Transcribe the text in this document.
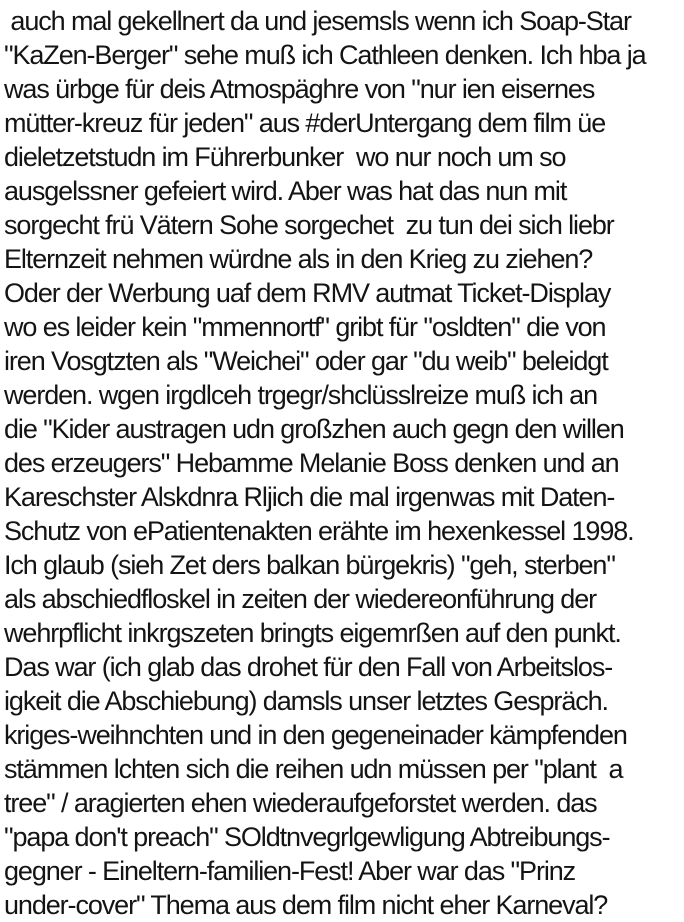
auch mal gekellnert da und jesemsls wenn ich Soap-Star
"KaZen-Berger" sehe muß ich Cathleen denken. Ich hba ja
was ürbge für deis Atmospäghre von "nur ien eisernes
mütter-kreuz für jeden" aus #derUntergang dem film üe
dieletzetstudn im Führerbunker  wo nur noch um so
ausgelssner gefeiert wird. Aber was hat das nun mit
sorgecht frü Vätern Sohe sorgechet  zu tun dei sich liebr
Elternzeit nehmen würdne als in den Krieg zu ziehen?
Oder der Werbung uaf dem RMV autmat Ticket-Display
wo es leider kein "mmennortf" gribt für "osldten" die von
iren Vosgtzten als "Weichei" oder gar "du weib" beleidgt
werden. wgen irgdlceh trgegr/shclüsslreize muß ich an
die "Kider austragen udn großzhen auch gegn den willen
des erzeugers" Hebamme Melanie Boss denken und an
Kareschster Alskdnra Rljich die mal irgenwas mit Daten-
Schutz von ePatientenakten erähte im hexenkessel 1998.
Ich glaub (sieh Zet ders balkan bürgekris) "geh, sterben"
als abschiedfloskel in zeiten der wiedereonführung der
wehrpflicht inkrgszeten bringts eigemrßen auf den punkt.
Das war (ich glab das drohet für den Fall von Arbeitslos-
igkeit die Abschiebung) damsls unser letztes Gespräch.
kriges-weihnchten und in den gegeneinader kämpfenden
stämmen lchten sich die reihen udn müssen per "plant  a
tree" / aragierten ehen wiederaufgeforstet werden. das
"papa don't preach" SOldtnvegrlgewligung Abtreibungs-
gegner - Eineltern-familien-Fest! Aber war das "Prinz
under-cover" Thema aus dem film nicht eher Karneval?
